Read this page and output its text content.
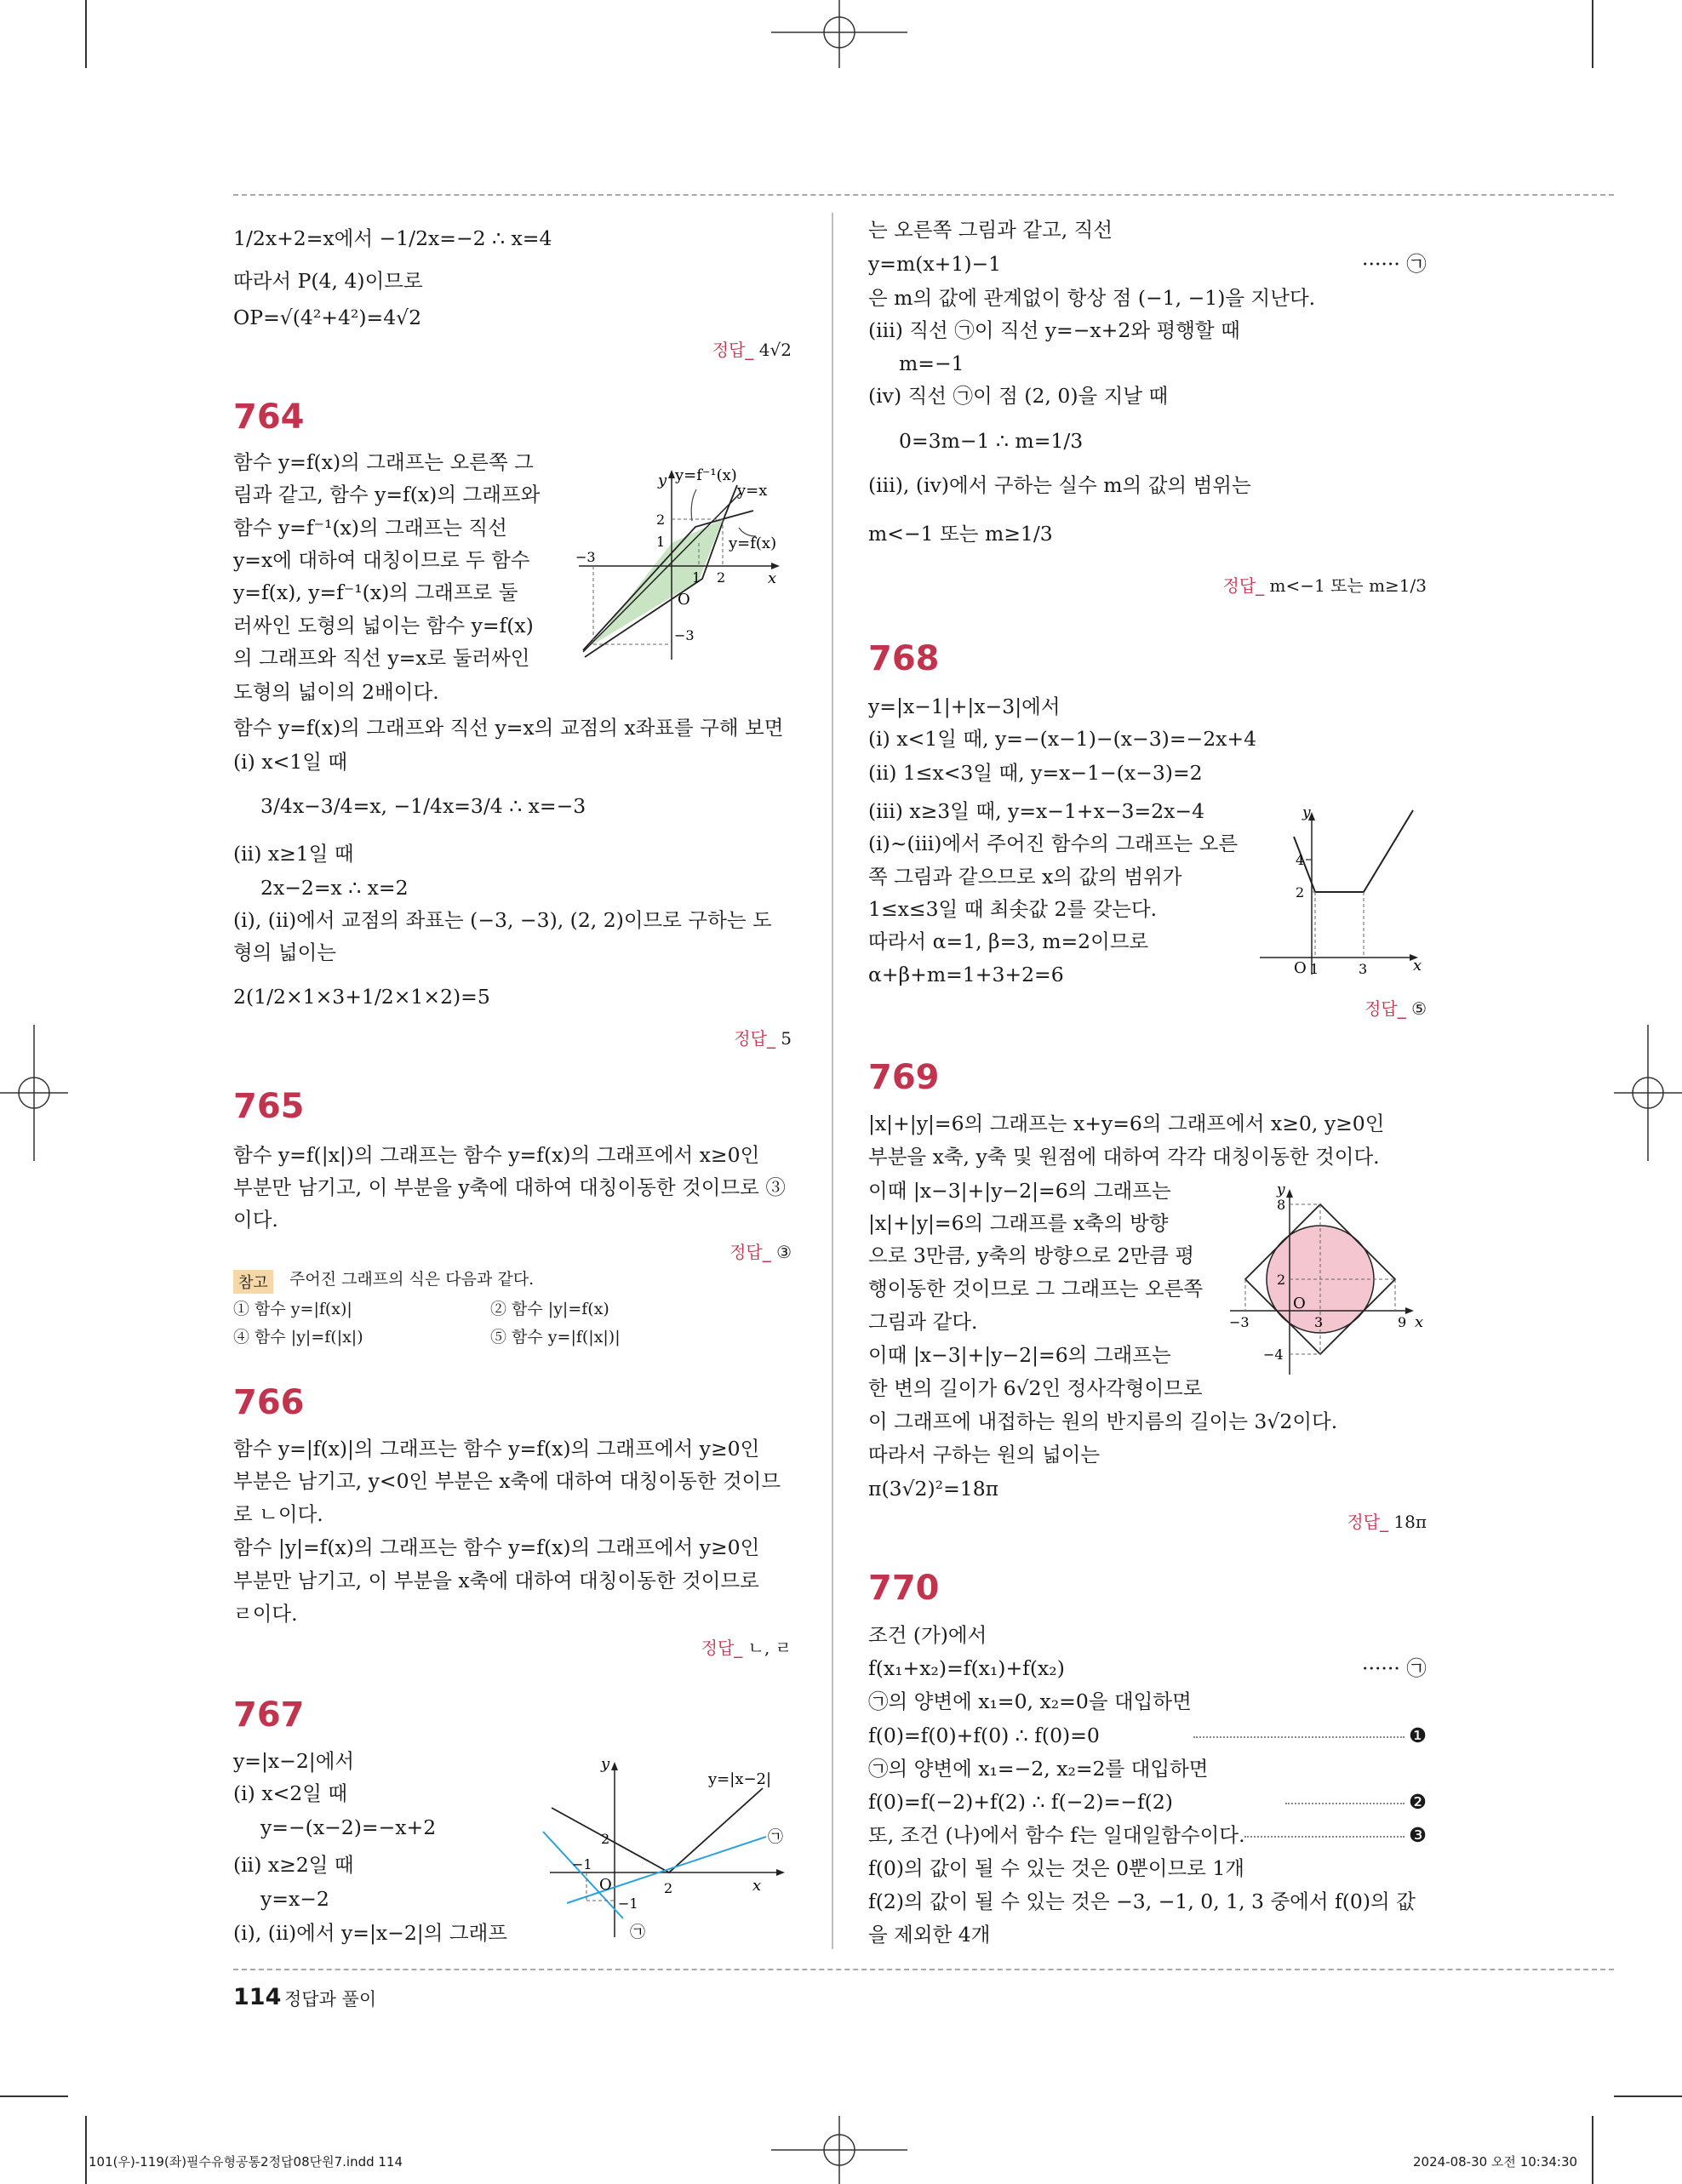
1/2x+2=x에서 −1/2x=−2 ∴ x=4
따라서 P(4, 4)이므로
OP=√(4²+4²)=4√2
정답_ 4√2
764
함수 y=f(x)의 그래프는 오른쪽 그
림과 같고, 함수 y=f(x)의 그래프와
함수 y=f⁻¹(x)의 그래프는 직선
y=x에 대하여 대칭이므로 두 함수
y=f(x), y=f⁻¹(x)의 그래프로 둘
러싸인 도형의 넓이는 함수 y=f(x)
의 그래프와 직선 y=x로 둘러싸인
도형의 넓이의 2배이다.
함수 y=f(x)의 그래프와 직선 y=x의 교점의 x좌표를 구해 보면
(i) x<1일 때
3/4x−3/4=x, −1/4x=3/4 ∴ x=−3
(ii) x≥1일 때
2x−2=x ∴ x=2
(i), (ii)에서 교점의 좌표는 (−3, −3), (2, 2)이므로 구하는 도
형의 넓이는
2(1/2×1×3+1/2×1×2)=5
정답_ 5
y y=f⁻¹(x)
y=x
y=f(x)
2
1
−3
1 2	x
O
−3
765
함수 y=f(|x|)의 그래프는 함수 y=f(x)의 그래프에서 x≥0인
부분만 남기고, 이 부분을 y축에 대하여 대칭이동한 것이므로 ③
이다.
정답_ ③
참고	주어진 그래프의 식은 다음과 같다.
① 함수 y=|f(x)|	② 함수 |y|=f(x)
④ 함수 |y|=f(|x|)	⑤ 함수 y=|f(|x|)|
766
함수 y=|f(x)|의 그래프는 함수 y=f(x)의 그래프에서 y≥0인
부분은 남기고, y<0인 부분은 x축에 대하여 대칭이동한 것이므
로 ㄴ이다.
함수 |y|=f(x)의 그래프는 함수 y=f(x)의 그래프에서 y≥0인
부분만 남기고, 이 부분을 x축에 대하여 대칭이동한 것이므로
ㄹ이다.
정답_ ㄴ, ㄹ
767
y=|x−2|에서
(i) x<2일 때
y=−(x−2)=−x+2
(ii) x≥2일 때
y=x−2
(i), (ii)에서 y=|x−2|의 그래프
y
y=|x−2|
2
−1
O	2
−1
x
㉠
㉠
는 오른쪽 그림과 같고, 직선
y=m(x+1)−1	······ ㉠
은 m의 값에 관계없이 항상 점 (−1, −1)을 지난다.
(iii) 직선 ㉠이 직선 y=−x+2와 평행할 때
m=−1
(iv) 직선 ㉠이 점 (2, 0)을 지날 때
0=3m−1 ∴ m=1/3
(iii), (iv)에서 구하는 실수 m의 값의 범위는
m<−1 또는 m≥1/3
정답_ m<−1 또는 m≥1/3
768
y=|x−1|+|x−3|에서
(i) x<1일 때, y=−(x−1)−(x−3)=−2x+4
(ii) 1≤x<3일 때, y=x−1−(x−3)=2
(iii) x≥3일 때, y=x−1+x−3=2x−4
(i)~(iii)에서 주어진 함수의 그래프는 오른
쪽 그림과 같으므로 x의 값의 범위가
1≤x≤3일 때 최솟값 2를 갖는다.
따라서 α=1, β=3, m=2이므로
α+β+m=1+3+2=6
정답_ ⑤
y
4
2
O 1	3	x
769
|x|+|y|=6의 그래프는 x+y=6의 그래프에서 x≥0, y≥0인
부분을 x축, y축 및 원점에 대하여 각각 대칭이동한 것이다.
이때 |x−3|+|y−2|=6의 그래프는
|x|+|y|=6의 그래프를 x축의 방향
으로 3만큼, y축의 방향으로 2만큼 평
행이동한 것이므로 그 그래프는 오른쪽
그림과 같다.
이때 |x−3|+|y−2|=6의 그래프는
한 변의 길이가 6√2인 정사각형이므로
이 그래프에 내접하는 원의 반지름의 길이는 3√2이다.
따라서 구하는 원의 넓이는
π(3√2)²=18π
정답_ 18π
y
8
2
O
−3	3	9 x
−4
770
조건 (가)에서
f(x₁+x₂)=f(x₁)+f(x₂)	······ ㉠
㉠의 양변에 x₁=0, x₂=0을 대입하면
f(0)=f(0)+f(0) ∴ f(0)=0	❶
㉠의 양변에 x₁=−2, x₂=2를 대입하면
f(0)=f(−2)+f(2) ∴ f(−2)=−f(2)	❷
또, 조건 (나)에서 함수 f는 일대일함수이다.	❸
f(0)의 값이 될 수 있는 것은 0뿐이므로 1개
f(2)의 값이 될 수 있는 것은 −3, −1, 0, 1, 3 중에서 f(0)의 값
을 제외한 4개
114 정답과 풀이
101(우)-119(좌)필수유형공통2정답08단원7.indd 114	2024-08-30 오전 10:34:30
